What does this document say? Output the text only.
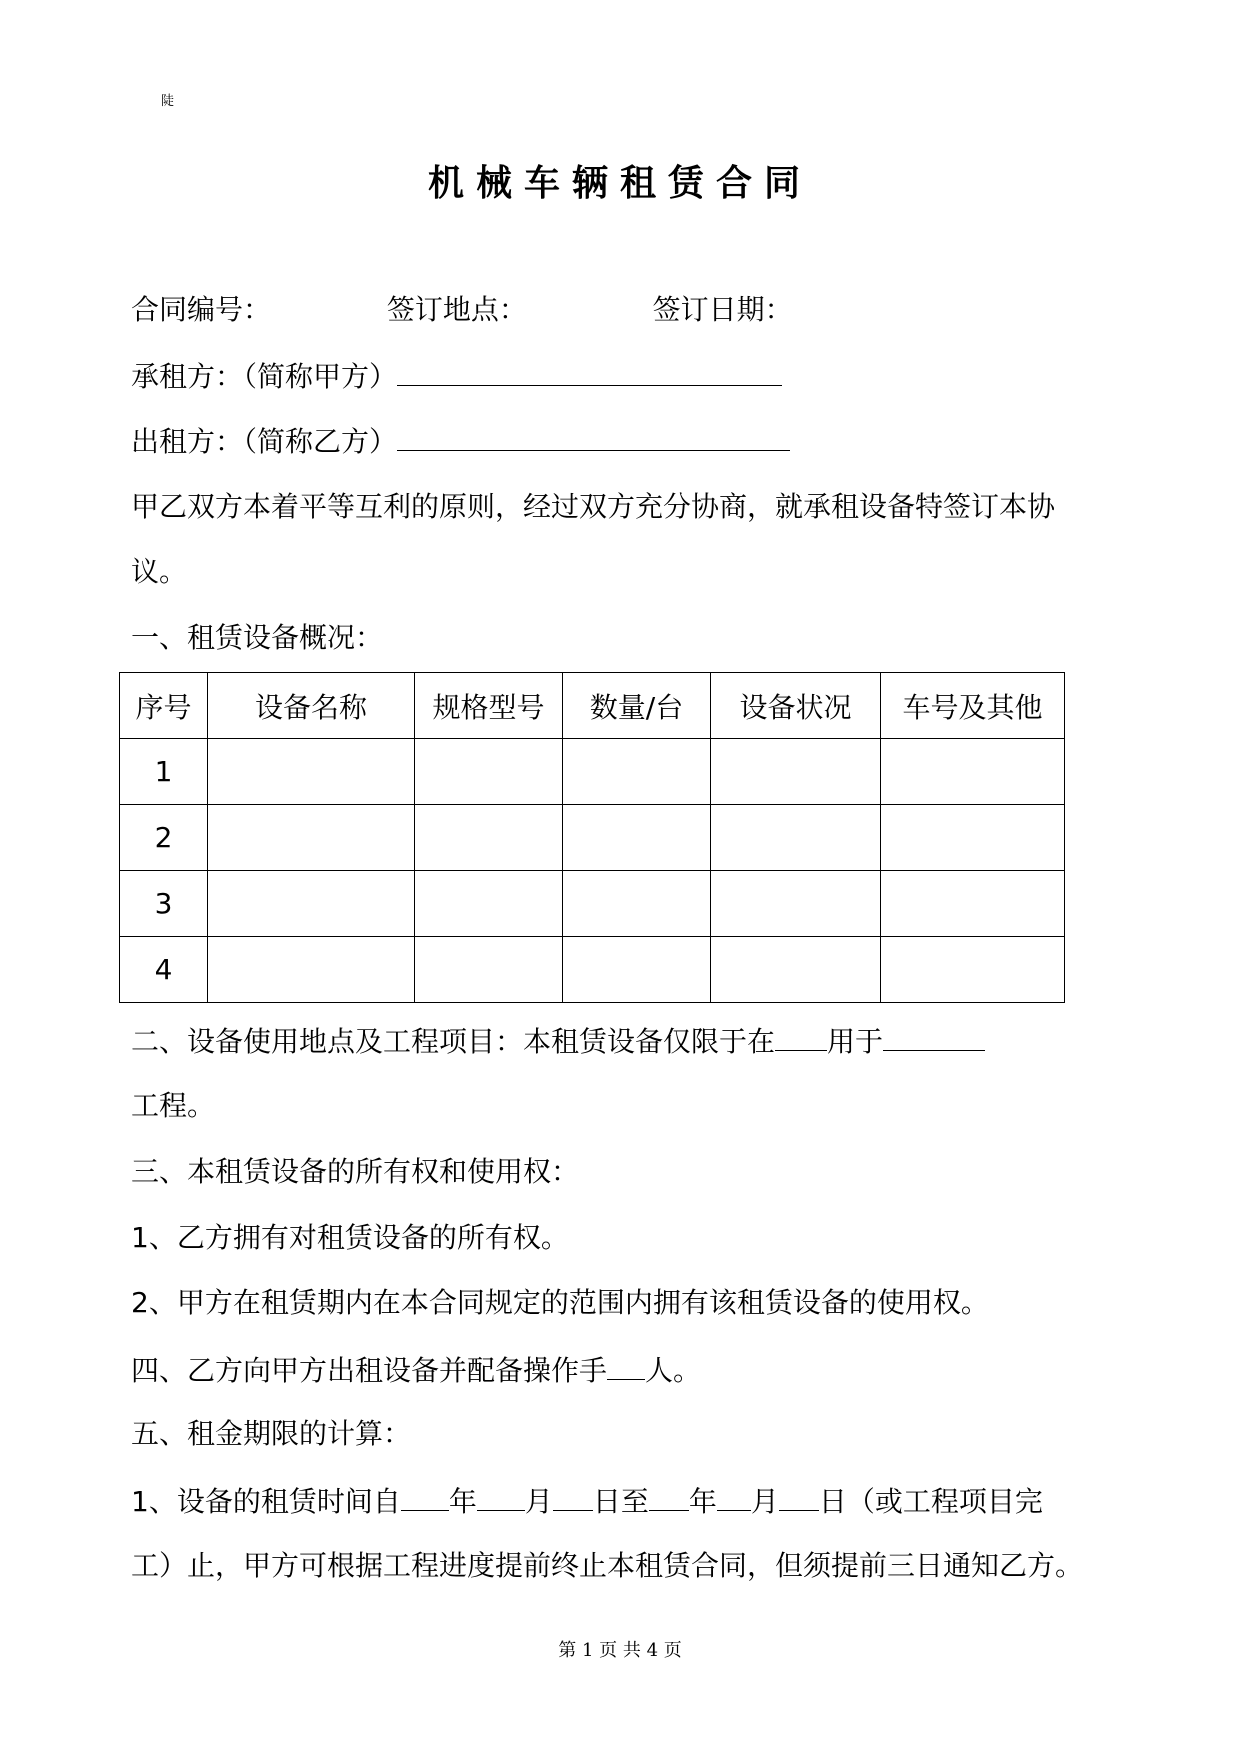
陡
机械车辆租赁合同
合同编号：	签订地点：	签订日期：
承租方：（简称甲方）
出租方：（简称乙方）
甲乙双方本着平等互利的原则，经过双方充分协商，就承租设备特签订本协
议。
一、租赁设备概况：
序号	设备名称	规格型号	数量/台	设备状况	车号及其他
1					
2					
3					
4					
二、设备使用地点及工程项目：本租赁设备仅限于在 用于
工程。
三、本租赁设备的所有权和使用权：
1、乙方拥有对租赁设备的所有权。
2、甲方在租赁期内在本合同规定的范围内拥有该租赁设备的使用权。
四、乙方向甲方出租设备并配备操作手 人。
五、租金期限的计算：
1、设备的租赁时间自 年 月 日至 年 月 日（或工程项目完
工）止，甲方可根据工程进度提前终止本租赁合同，但须提前三日通知乙方。
第 1 页 共 4 页
